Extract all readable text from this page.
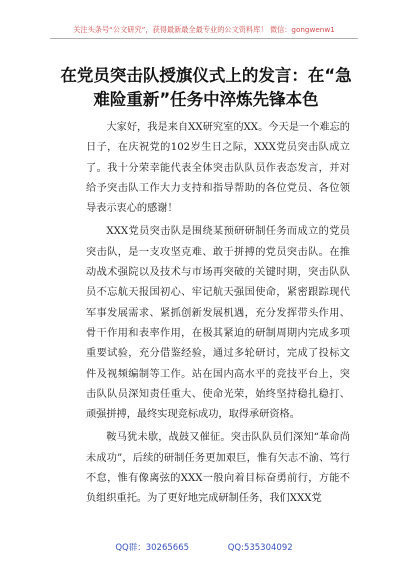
关注头条号“公文研究”，获得最新最全最专业的公文资料库！ 微信：gongwenw1
在党员突击队授旗仪式上的发言：在“急难险重新”任务中淬炼先锋本色

大家好，我是来自XX研究室的XX。今天是一个难忘的日子，在庆祝党的102岁生日之际，XXX党员突击队成立了。我十分荣幸能代表全体突击队队员作表态发言，并对给予突击队工作大力支持和指导帮助的各位党员、各位领导表示衷心的感谢！

XXX党员突击队是围绕某预研研制任务而成立的党员突击队，是一支攻坚克难、敢于拼搏的党员突击队。在推动战术强院以及技术与市场再突破的关键时期，突击队队员不忘航天报国初心、牢记航天强国使命，紧密跟踪现代军事发展需求、紧抓创新发展机遇，充分发挥带头作用、骨干作用和表率作用，在极其紧迫的研制周期内完成多项重要试验，充分借鉴经验，通过多轮研讨，完成了投标文件及视频编制等工作。站在国内高水平的竞技平台上，突击队队员深知责任重大、使命光荣，始终坚持稳扎稳打、顽强拼搏，最终实现竞标成功，取得承研资格。

鞍马犹未歇，战鼓又催征。突击队队员们深知“革命尚未成功”，后续的研制任务更加艰巨，惟有矢志不渝、笃行不怠，惟有像离弦的XXX一般向着目标奋勇前行，方能不负组织重托。为了更好地完成研制任务，我们XXX党

QQ群：30265665	QQ:535304092
